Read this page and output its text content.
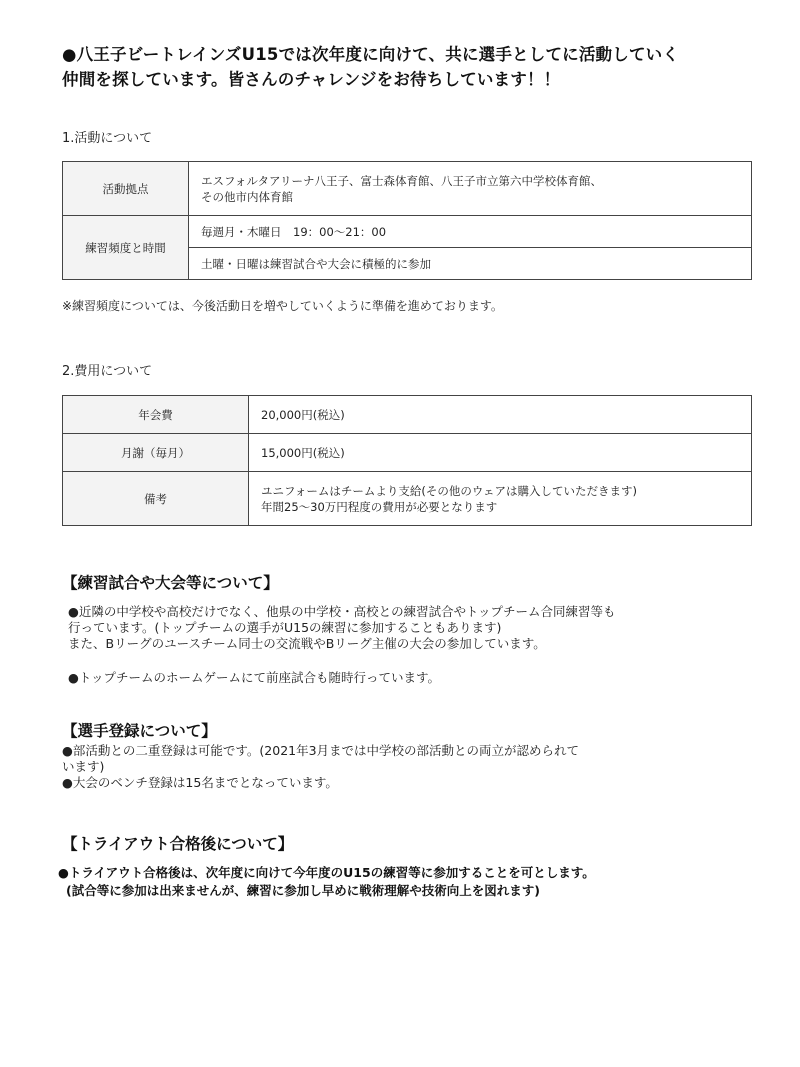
●八王子ビートレインズU15では次年度に向けて、共に選手としてに活動していく
仲間を探しています。皆さんのチャレンジをお待ちしています！！
1.活動について
活動拠点	エスフォルタアリーナ八王子、富士森体育館、八王子市立第六中学校体育館、
その他市内体育館

練習頻度と時間	毎週月・木曜日　19：00〜21：00
	土曜・日曜は練習試合や大会に積極的に参加
※練習頻度については、今後活動日を増やしていくように準備を進めております。
2.費用について
年会費	20,000円(税込)
月謝（毎月）	15,000円(税込)
備考	ユニフォームはチームより支給(その他のウェアは購入していただきます)
年間25〜30万円程度の費用が必要となります
【練習試合や大会等について】
●近隣の中学校や高校だけでなく、他県の中学校・高校との練習試合やトップチーム合同練習等も
行っています。(トップチームの選手がU15の練習に参加することもあります)
また、Bリーグのユースチーム同士の交流戦やBリーグ主催の大会の参加しています。
●トップチームのホームゲームにて前座試合も随時行っています。
【選手登録について】
●部活動との二重登録は可能です。(2021年3月までは中学校の部活動との両立が認められて
います)
●大会のベンチ登録は15名までとなっています。
【トライアウト合格後について】
●トライアウト合格後は、次年度に向けて今年度のU15の練習等に参加することを可とします。
(試合等に参加は出来ませんが、練習に参加し早めに戦術理解や技術向上を図れます)
